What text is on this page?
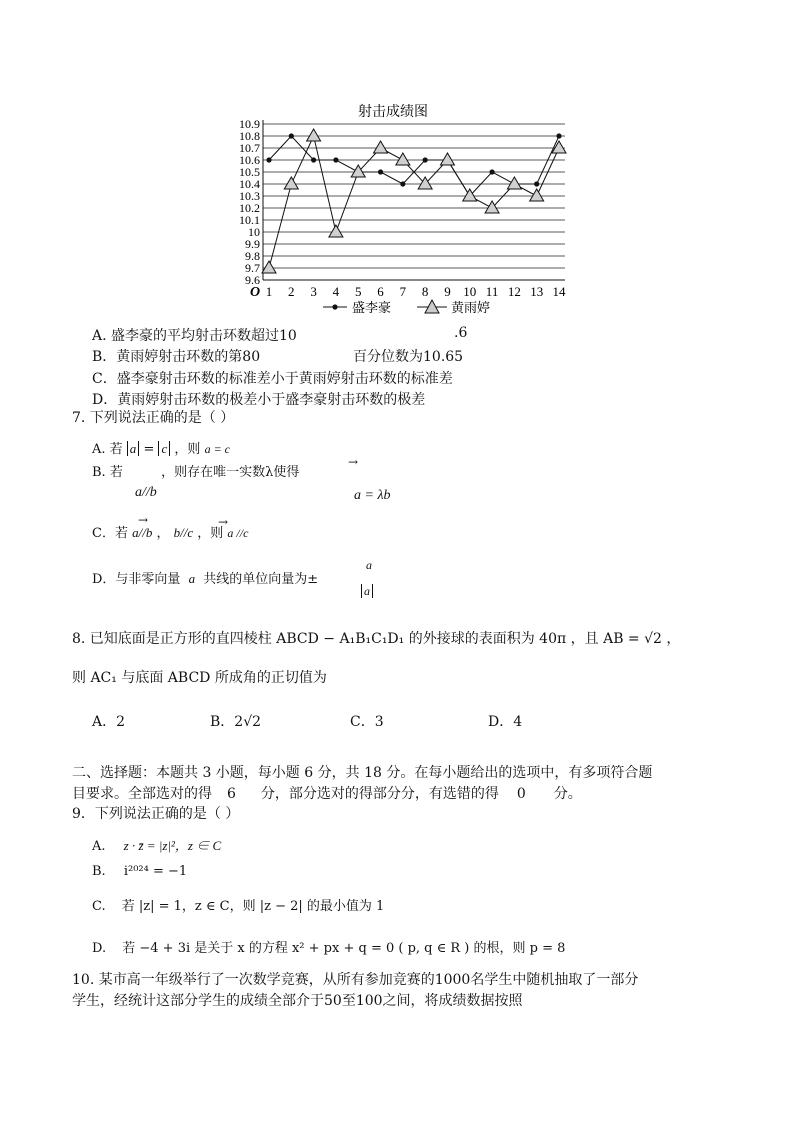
射击成绩图
10.9
10.8
10.7
10.6
10.5
10.4
10.3
10.2
10.1
10
9.9
9.8
9.7
9.6
1 2 3 4 5 6 7 8 9 10 11 12 13 14
O
盛李豪	黄雨婷
A. 盛李豪的平均射击环数超过10	.6
B．黄雨婷射击环数的第80	百分位数为10.65
C．盛李豪射击环数的标准差小于黄雨婷射击环数的标准差
D．黄雨婷射击环数的极差小于盛李豪射击环数的极差
7. 下列说法正确的是（ ）
A. 若 a = c ，则 a = c
B. 若	，则存在唯一实数λ使得
→
a//b	a = λb
C．若 a//b ， b//c ，则 a //c
→	→
D．与非零向量 a 共线的单位向量为±
a
a
8. 已知底面是正方形的直四棱柱 ABCD − A₁B₁C₁D₁ 的外接球的表面积为 40π ，且 AB = √2 ，
则 AC₁ 与底面 ABCD 所成角的正切值为
A．2	B．2√2	C．3	D．4
二、选择题：本题共 3 小题，每小题 6 分，共 18 分。在每小题给出的选项中，有多项符合题
目要求。全部选对的得 6 分，部分选对的得部分分，有选错的得 0 分。
9．下列说法正确的是（ ）
A. z · z̄ = |z|²，z ∈ C
B. i²⁰²⁴ = −1
C. 若 |z| = 1，z ∈ C，则 |z − 2| 的最小值为 1
D. 若 −4 + 3i 是关于 x 的方程 x² + px + q = 0 ( p, q ∈ R ) 的根，则 p = 8
10. 某市高一年级举行了一次数学竞赛，从所有参加竞赛的1000名学生中随机抽取了一部分
学生，经统计这部分学生的成绩全部介于50至100之间，将成绩数据按照
